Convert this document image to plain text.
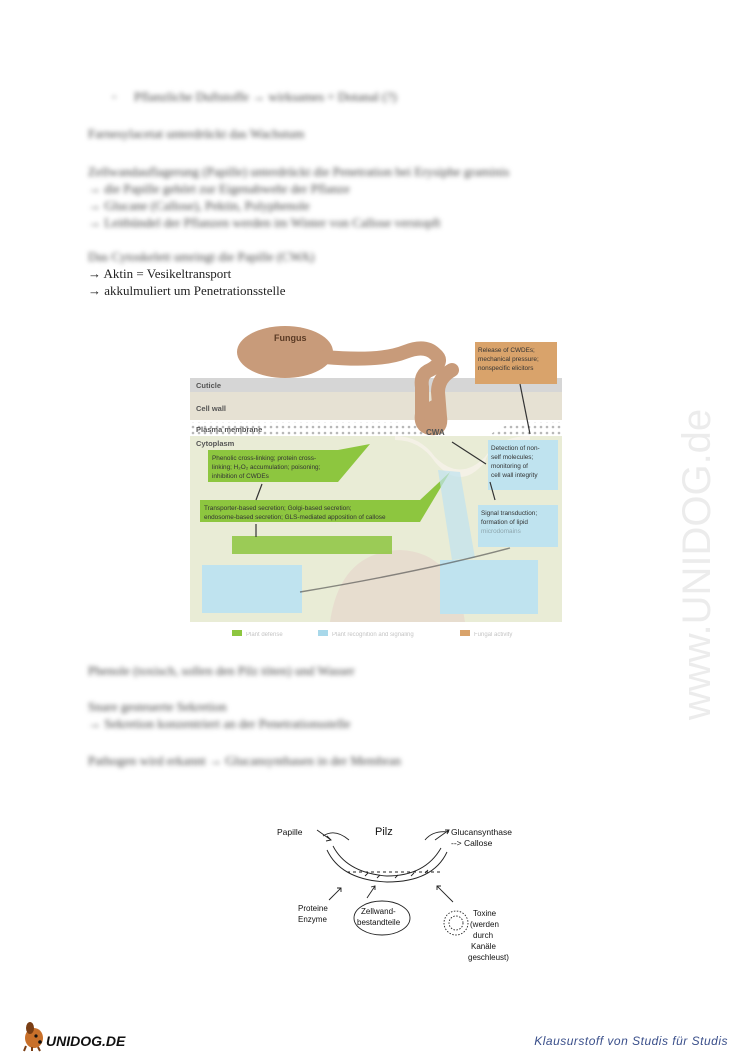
- Pflanzliche Duftstoffe → wirksames = Dotanal (?)
Farnesylacetat unterdrückt das Wachstum
Zellwandauflagerung (Papille) unterdrückt die Penetration bei Erysiphe graminis
→ die Papille gehört zur Eigenabwehr der Pflanze
→ Glucane (Callose), Pektin, Polyphenole
→ Leitbündel der Pflanzen werden im Winter von Callose verstopft
Das Cytoskelett umringt die Papille (CWA)
→ Aktin = Vesikeltransport
→ akkulmuliert um Penetrationsstelle
Fungus
Cuticle
Cell wall
Plasma membrane
Cytoplasm
CWA
Release of CWDEs;
mechanical pressure;
nonspecific elicitors
Detection of non-
self molecules;
monitoring of
cell wall integrity
Phenolic cross-linking; protein cross-
linking; H₂O₂ accumulation; poisoning;
inhibition of CWDEs
Transporter-based secretion; Golgi-based secretion;
endosome-based secretion; GLS-mediated apposition of callose
Signal transduction;
formation of lipid
microdomains
Plant defense	Plant recognition and signaling	Fungal activity
Phenole (toxisch, sollen den Pilz töten) und Wasser
Snare gesteuerte Sekretion
→ Sekretion konzentriert an der Penetrationsstelle
Pathogen wird erkannt → Glucansynthasen in der Membran
Papille	Pilz	Glucansynthase
--> Callose
Proteine
Enzyme
Zellwand-
bestandteile
Toxine
(werden
durch
Kanäle
geschleust)
www.UNIDOG.de
UNIDOG.DE	Klausurstoff von Studis für Studis
